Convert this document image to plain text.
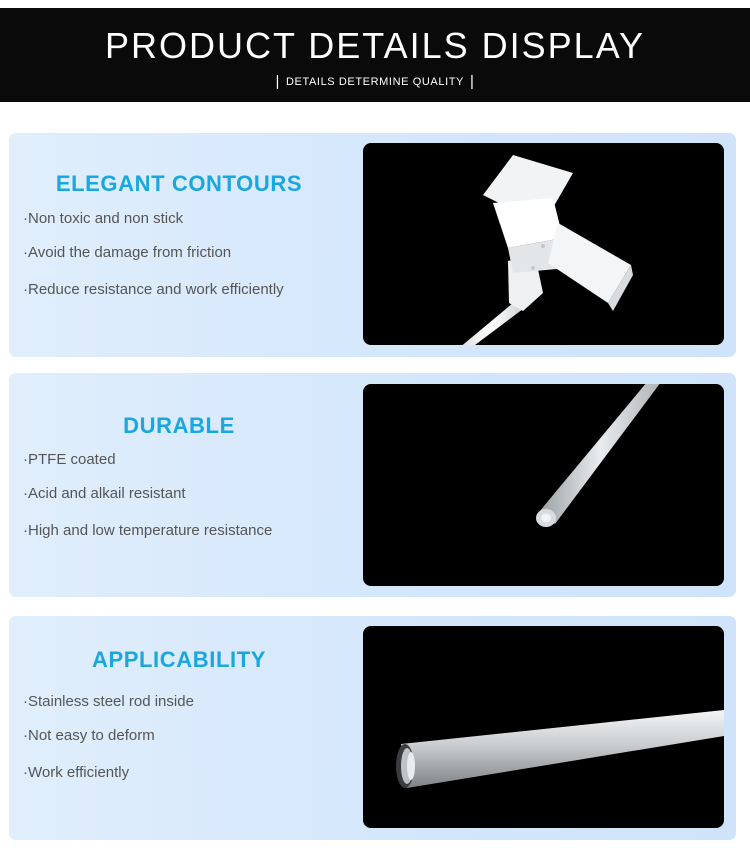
PRODUCT DETAILS DISPLAY
| DETAILS DETERMINE QUALITY |
ELEGANT CONTOURS
·Non toxic and non stick
·Avoid the damage from friction
·Reduce resistance and work efficiently
DURABLE
·PTFE coated
·Acid and alkail resistant
·High and low temperature resistance
APPLICABILITY
·Stainless steel rod inside
·Not easy to deform
·Work efficiently
